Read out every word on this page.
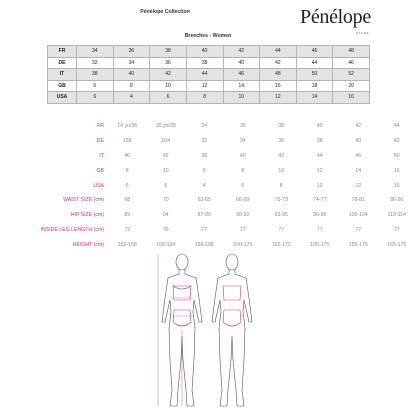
Pénélope Collection	Pénélope
STORE
Breeches - Women
FR	34	36	38	40	42	44	46	48
DE	32	34	36	38	40	42	44	46
IT	38	40	42	44	46	48	50	52
GB	6	8	10	12	14	16	18	20
USA	6	4	6	8	10	12	14	16
FR	14 yo/36	16 yo/38	34	36	38	40	42	44
DE	158	164	32	34	36	38	40	42
IT	40	42	38	40	42	44	46	50
GB	8	10	6	8	10	12	14	16
USA	6	8	4	6	8	10	12	16
WAIST SIZE (cm)	68	70	63-65	66-69	70-73	74-77	78-81	86-90
HIP SIZE (cm)	89	94	87-89	90-92	93-95	96-99	100-104	110-114
INSIDE LEG LENGTH (cm)	73	76	77	77	77	77	77	77
HEIGHT (cm)	152-158	158-164	158-168	160-170	162-172	165-175	165-175	165-175
